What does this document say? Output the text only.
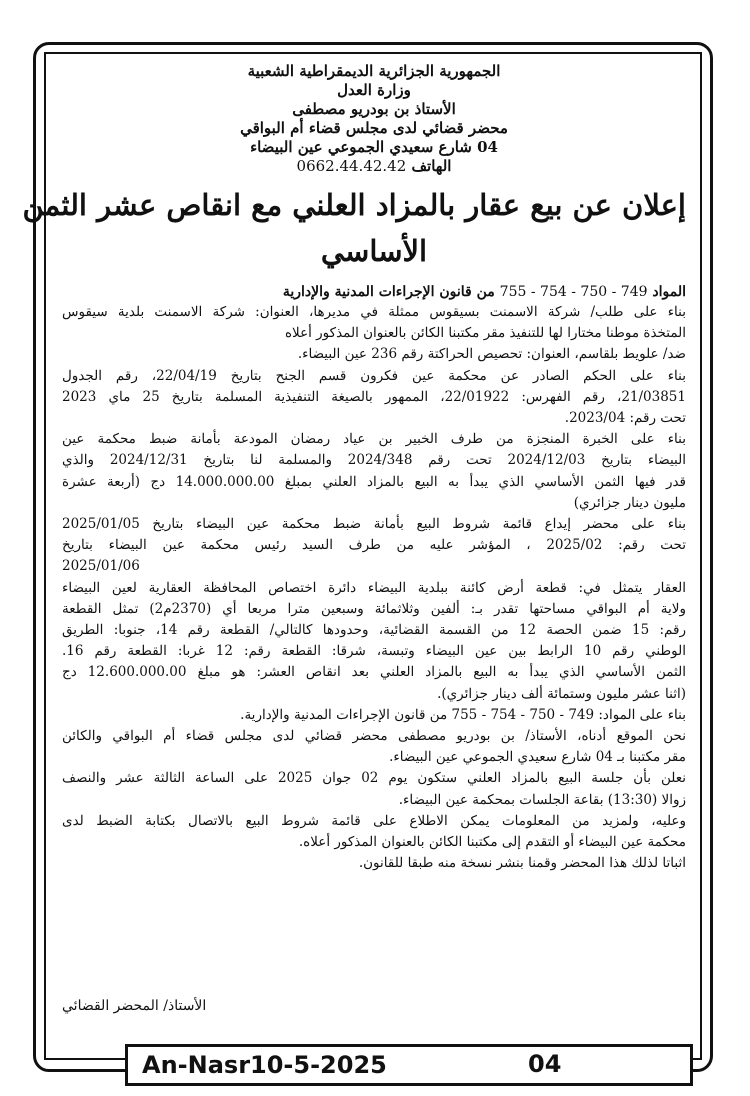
الجمهورية الجزائرية الديمقراطية الشعبية
وزارة العدل
الأستاذ بن بودريو مصطفى
محضر قضائي لدى مجلس قضاء أم البواقي
04 شارع سعيدي الجموعي عين البيضاء
الهاتف 0662.44.42.42
إعلان عن بيع عقار بالمزاد العلني مع انقاص عشر الثمن
الأساسي
المواد 749 - 750 - 754 - 755 من قانون الإجراءات المدنية والإدارية
بناء على طلب/ شركة الاسمنت بسيقوس ممثلة في مديرها، العنوان: شركة الاسمنت بلدية سيقوس
المتخذة موطنا مختارا لها للتنفيذ مقر مكتبنا الكائن بالعنوان المذكور أعلاه
ضد/ علويط بلقاسم، العنوان: تحصيص الحراكتة رقم 236 عين البيضاء.
بناء على الحكم الصادر عن محكمة عين فكرون قسم الجنح بتاريخ 22/04/19، رقم الجدول
21/03851، رقم الفهرس: 22/01922، الممهور بالصيغة التنفيذية المسلمة بتاريخ 25 ماي 2023
تحت رقم: 2023/04.
بناء على الخبرة المنجزة من طرف الخبير بن عياد رمضان المودعة بأمانة ضبط محكمة عين
البيضاء بتاريخ 2024/12/03 تحت رقم 2024/348 والمسلمة لنا بتاريخ 2024/12/31 والذي
قدر فيها الثمن الأساسي الذي يبدأ به البيع بالمزاد العلني بمبلغ 14.000.000.00 دج (أربعة عشرة
مليون دينار جزائري)
بناء على محضر إيداع قائمة شروط البيع بأمانة ضبط محكمة عين البيضاء بتاريخ 2025/01/05
تحت رقم: 2025/02 ، المؤشر عليه من طرف السيد رئيس محكمة عين البيضاء بتاريخ
2025/01/06
العقار يتمثل في: قطعة أرض كائنة ببلدية البيضاء دائرة اختصاص المحافظة العقارية لعين البيضاء
ولاية أم البواقي مساحتها تقدر بـ: ألفين وثلاثمائة وسبعين مترا مربعا أي (2370م2) تمثل القطعة
رقم: 15 ضمن الحصة 12 من القسمة القضائية، وحدودها كالتالي/ القطعة رقم 14، جنوبا: الطريق
الوطني رقم 10 الرابط بين عين البيضاء وتبسة، شرقا: القطعة رقم: 12 غربا: القطعة رقم 16.
الثمن الأساسي الذي يبدأ به البيع بالمزاد العلني بعد انقاص العشر: هو مبلغ 12.600.000.00 دج
(اثنا عشر مليون وستمائة ألف دينار جزائري).
بناء على المواد: 749 - 750 - 754 - 755 من قانون الإجراءات المدنية والإدارية.
نحن الموقع أدناه، الأستاذ/ بن بودريو مصطفى محضر قضائي لدى مجلس قضاء أم البواقي والكائن
مقر مكتبنا بـ 04 شارع سعيدي الجموعي عين البيضاء.
نعلن بأن جلسة البيع بالمزاد العلني ستكون يوم 02 جوان 2025 على الساعة الثالثة عشر والنصف
زوالا (13:30) بقاعة الجلسات بمحكمة عين البيضاء.
وعليه، ولمزيد من المعلومات يمكن الاطلاع على قائمة شروط البيع بالاتصال بكتابة الضبط لدى
محكمة عين البيضاء أو التقدم إلى مكتبنا الكائن بالعنوان المذكور أعلاه.
اثباتا لذلك هذا المحضر وقمنا بنشر نسخة منه طبقا للقانون.
الأستاذ/ المحضر القضائي
An-Nasr10-5-2025	04
